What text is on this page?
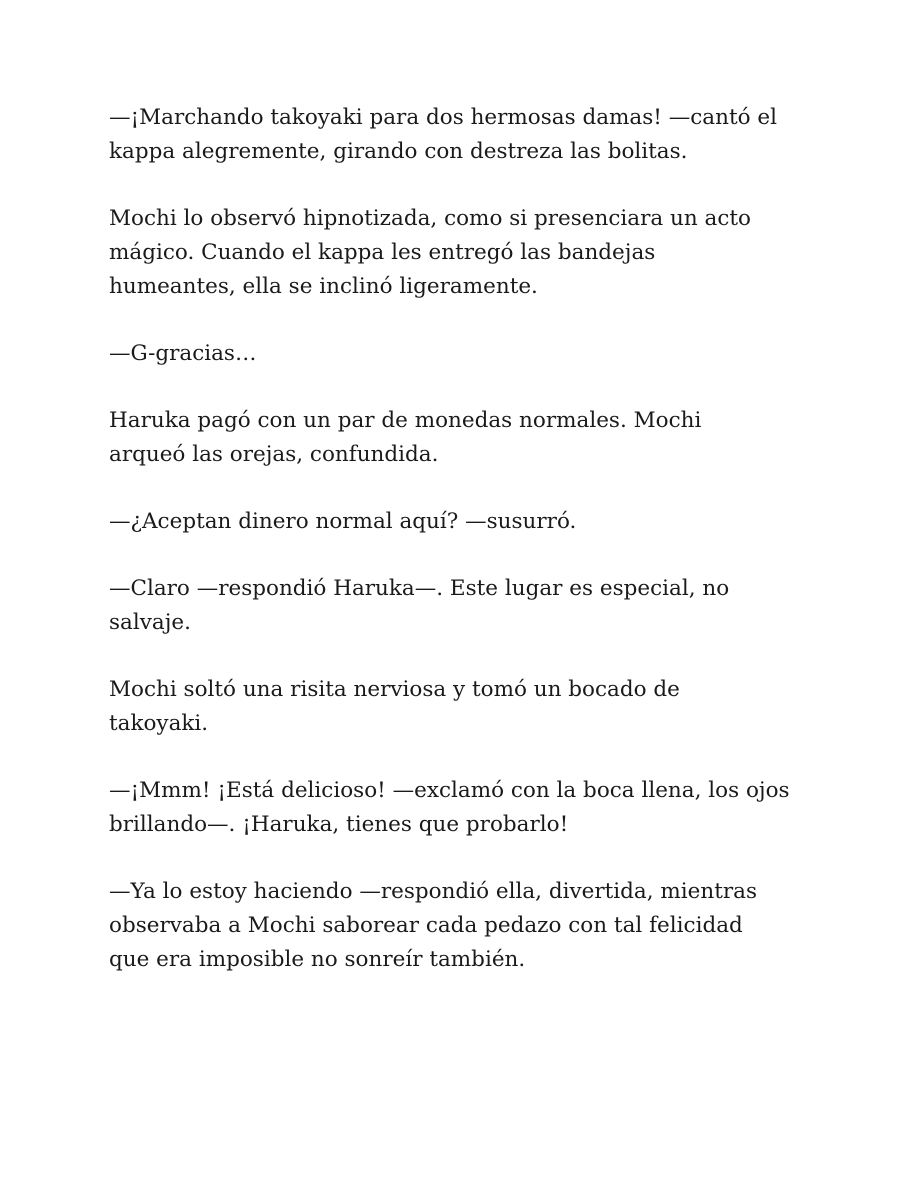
—¡Marchando takoyaki para dos hermosas damas! —cantó el
kappa alegremente, girando con destreza las bolitas.

Mochi lo observó hipnotizada, como si presenciara un acto
mágico. Cuando el kappa les entregó las bandejas
humeantes, ella se inclinó ligeramente.

—G-gracias…

Haruka pagó con un par de monedas normales. Mochi
arqueó las orejas, confundida.

—¿Aceptan dinero normal aquí? —susurró.

—Claro —respondió Haruka—. Este lugar es especial, no
salvaje.

Mochi soltó una risita nerviosa y tomó un bocado de
takoyaki.

—¡Mmm! ¡Está delicioso! —exclamó con la boca llena, los ojos
brillando—. ¡Haruka, tienes que probarlo!

—Ya lo estoy haciendo —respondió ella, divertida, mientras
observaba a Mochi saborear cada pedazo con tal felicidad
que era imposible no sonreír también.
